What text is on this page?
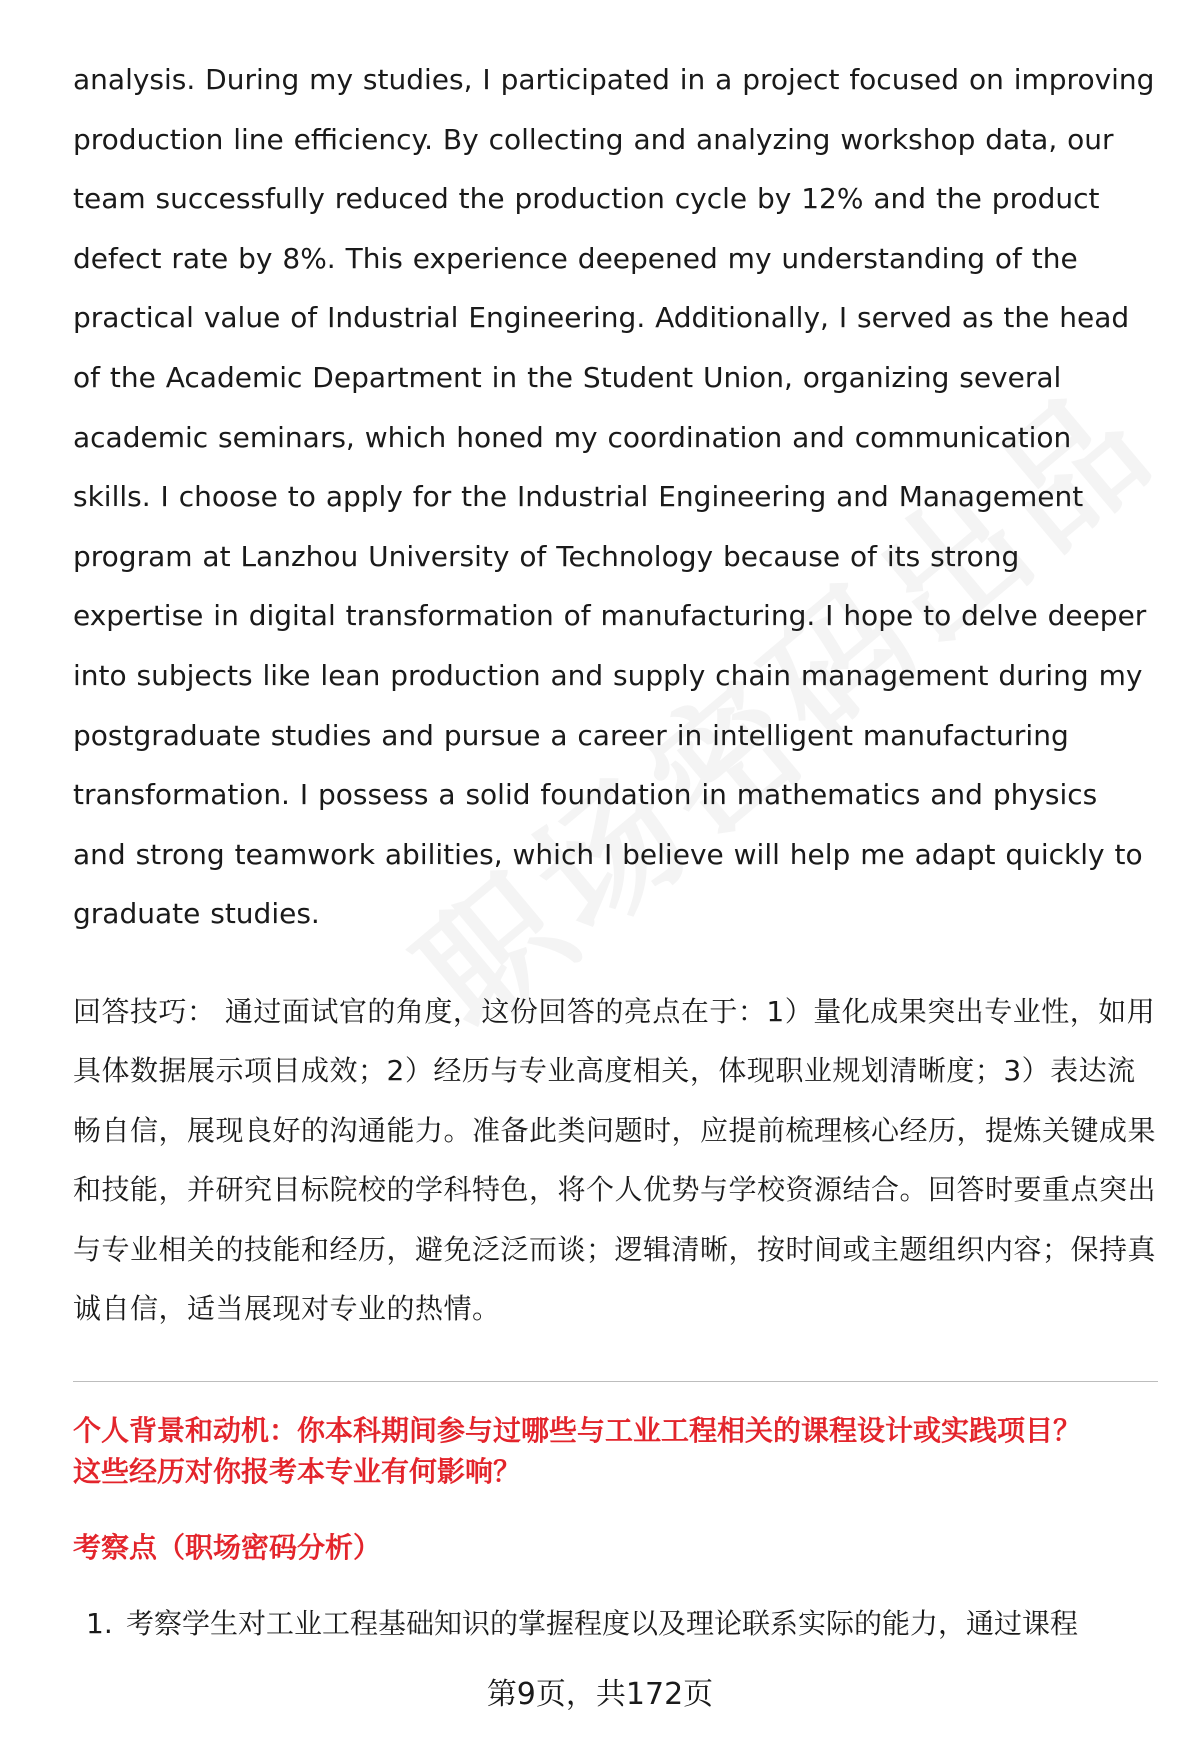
analysis. During my studies, I participated in a project focused on improving production line efficiency. By collecting and analyzing workshop data, our team successfully reduced the production cycle by 12% and the product defect rate by 8%. This experience deepened my understanding of the practical value of Industrial Engineering. Additionally, I served as the head of the Academic Department in the Student Union, organizing several academic seminars, which honed my coordination and communication skills. I choose to apply for the Industrial Engineering and Management program at Lanzhou University of Technology because of its strong expertise in digital transformation of manufacturing. I hope to delve deeper into subjects like lean production and supply chain management during my postgraduate studies and pursue a career in intelligent manufacturing transformation. I possess a solid foundation in mathematics and physics and strong teamwork abilities, which I believe will help me adapt quickly to graduate studies.

回答技巧： 通过面试官的角度，这份回答的亮点在于：1）量化成果突出专业性，如用具体数据展示项目成效；2）经历与专业高度相关，体现职业规划清晰度；3）表达流畅自信，展现良好的沟通能力。准备此类问题时，应提前梳理核心经历，提炼关键成果和技能，并研究目标院校的学科特色，将个人优势与学校资源结合。回答时要重点突出与专业相关的技能和经历，避免泛泛而谈；逻辑清晰，按时间或主题组织内容；保持真诚自信，适当展现对专业的热情。

个人背景和动机：你本科期间参与过哪些与工业工程相关的课程设计或实践项目？
这些经历对你报考本专业有何影响？
考察点（职场密码分析）
1. 考察学生对工业工程基础知识的掌握程度以及理论联系实际的能力，通过课程
第9页，共172页
